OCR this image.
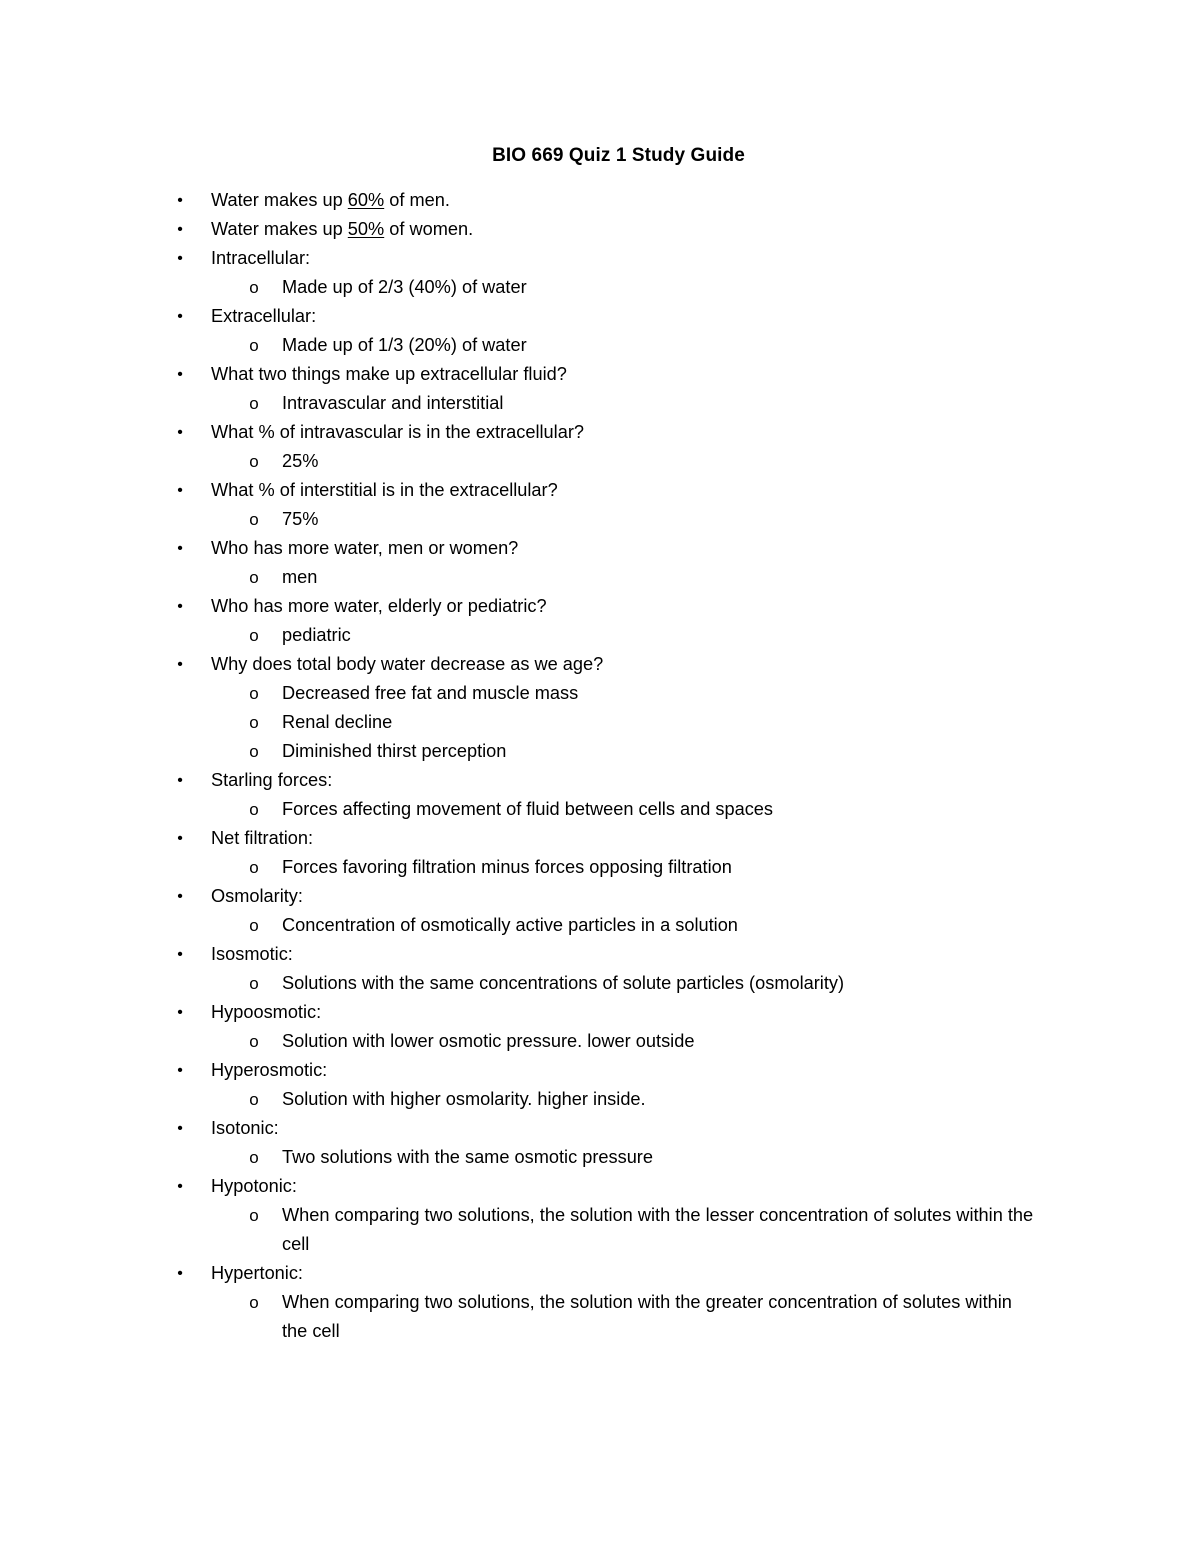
BIO 669 Quiz 1 Study Guide
• Water makes up 60% of men.
• Water makes up 50% of women.
• Intracellular:
o Made up of 2/3 (40%) of water
• Extracellular:
o Made up of 1/3 (20%) of water
• What two things make up extracellular fluid?
o Intravascular and interstitial
• What % of intravascular is in the extracellular?
o 25%
• What % of interstitial is in the extracellular?
o 75%
• Who has more water, men or women?
o men
• Who has more water, elderly or pediatric?
o pediatric
• Why does total body water decrease as we age?
o Decreased free fat and muscle mass
o Renal decline
o Diminished thirst perception
• Starling forces:
o Forces affecting movement of fluid between cells and spaces
• Net filtration:
o Forces favoring filtration minus forces opposing filtration
• Osmolarity:
o Concentration of osmotically active particles in a solution
• Isosmotic:
o Solutions with the same concentrations of solute particles (osmolarity)
• Hypoosmotic:
o Solution with lower osmotic pressure. lower outside
• Hyperosmotic:
o Solution with higher osmolarity. higher inside.
• Isotonic:
o Two solutions with the same osmotic pressure
• Hypotonic:
o When comparing two solutions, the solution with the lesser concentration of solutes within the cell
• Hypertonic:
o When comparing two solutions, the solution with the greater concentration of solutes within the cell
